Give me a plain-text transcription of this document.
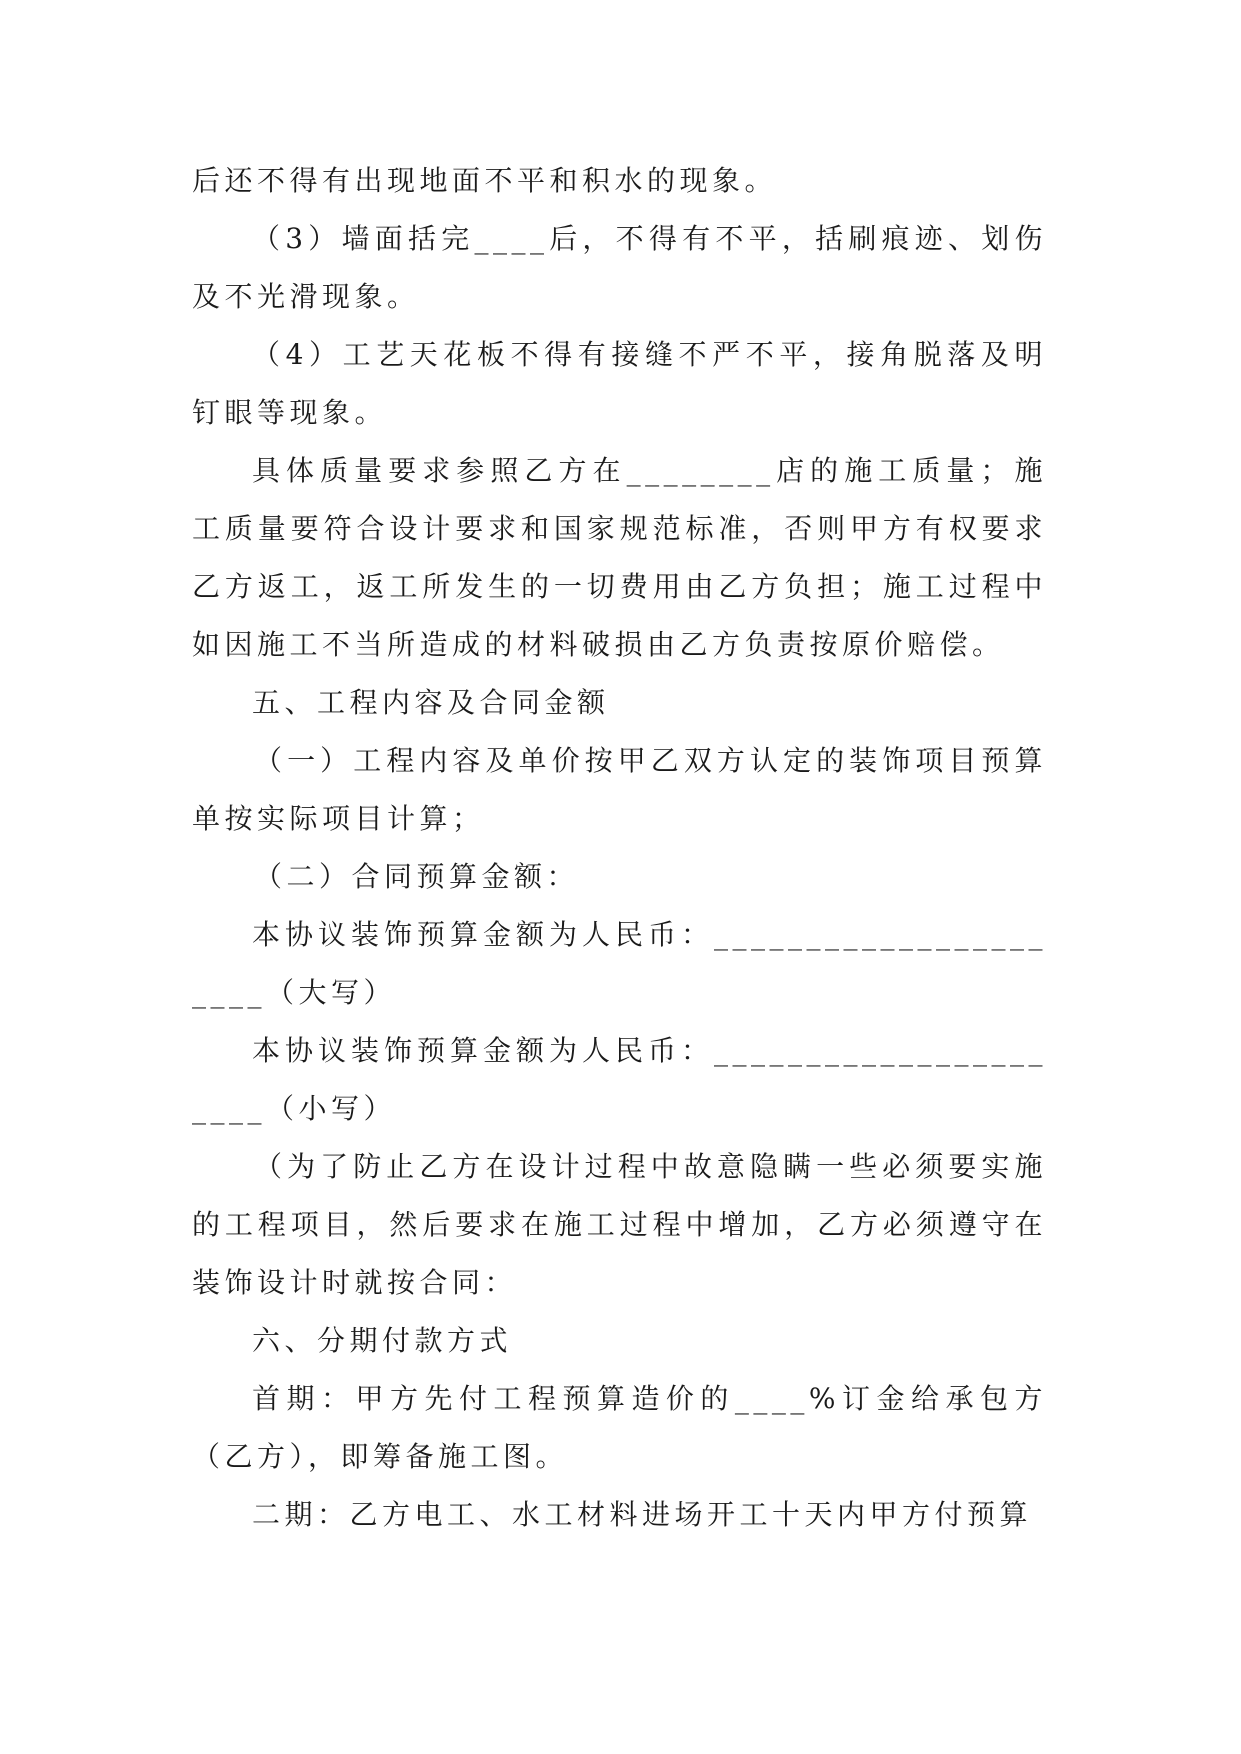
后还不得有出现地面不平和积水的现象。

（3）墙面括完____后，不得有不平，括刷痕迹、划伤及不光滑现象。

（4）工艺天花板不得有接缝不严不平，接角脱落及明钉眼等现象。

具体质量要求参照乙方在________店的施工质量；施工质量要符合设计要求和国家规范标准，否则甲方有权要求乙方返工，返工所发生的一切费用由乙方负担；施工过程中如因施工不当所造成的材料破损由乙方负责按原价赔偿。

五、工程内容及合同金额

（一）工程内容及单价按甲乙双方认定的装饰项目预算单按实际项目计算；

（二）合同预算金额：

本协议装饰预算金额为人民币：______________________（大写）

本协议装饰预算金额为人民币：______________________（小写）

（为了防止乙方在设计过程中故意隐瞒一些必须要实施的工程项目，然后要求在施工过程中增加，乙方必须遵守在装饰设计时就按合同：

六、分期付款方式

首期：甲方先付工程预算造价的____%订金给承包方（乙方），即筹备施工图。

二期：乙方电工、水工材料进场开工十天内甲方付预算
